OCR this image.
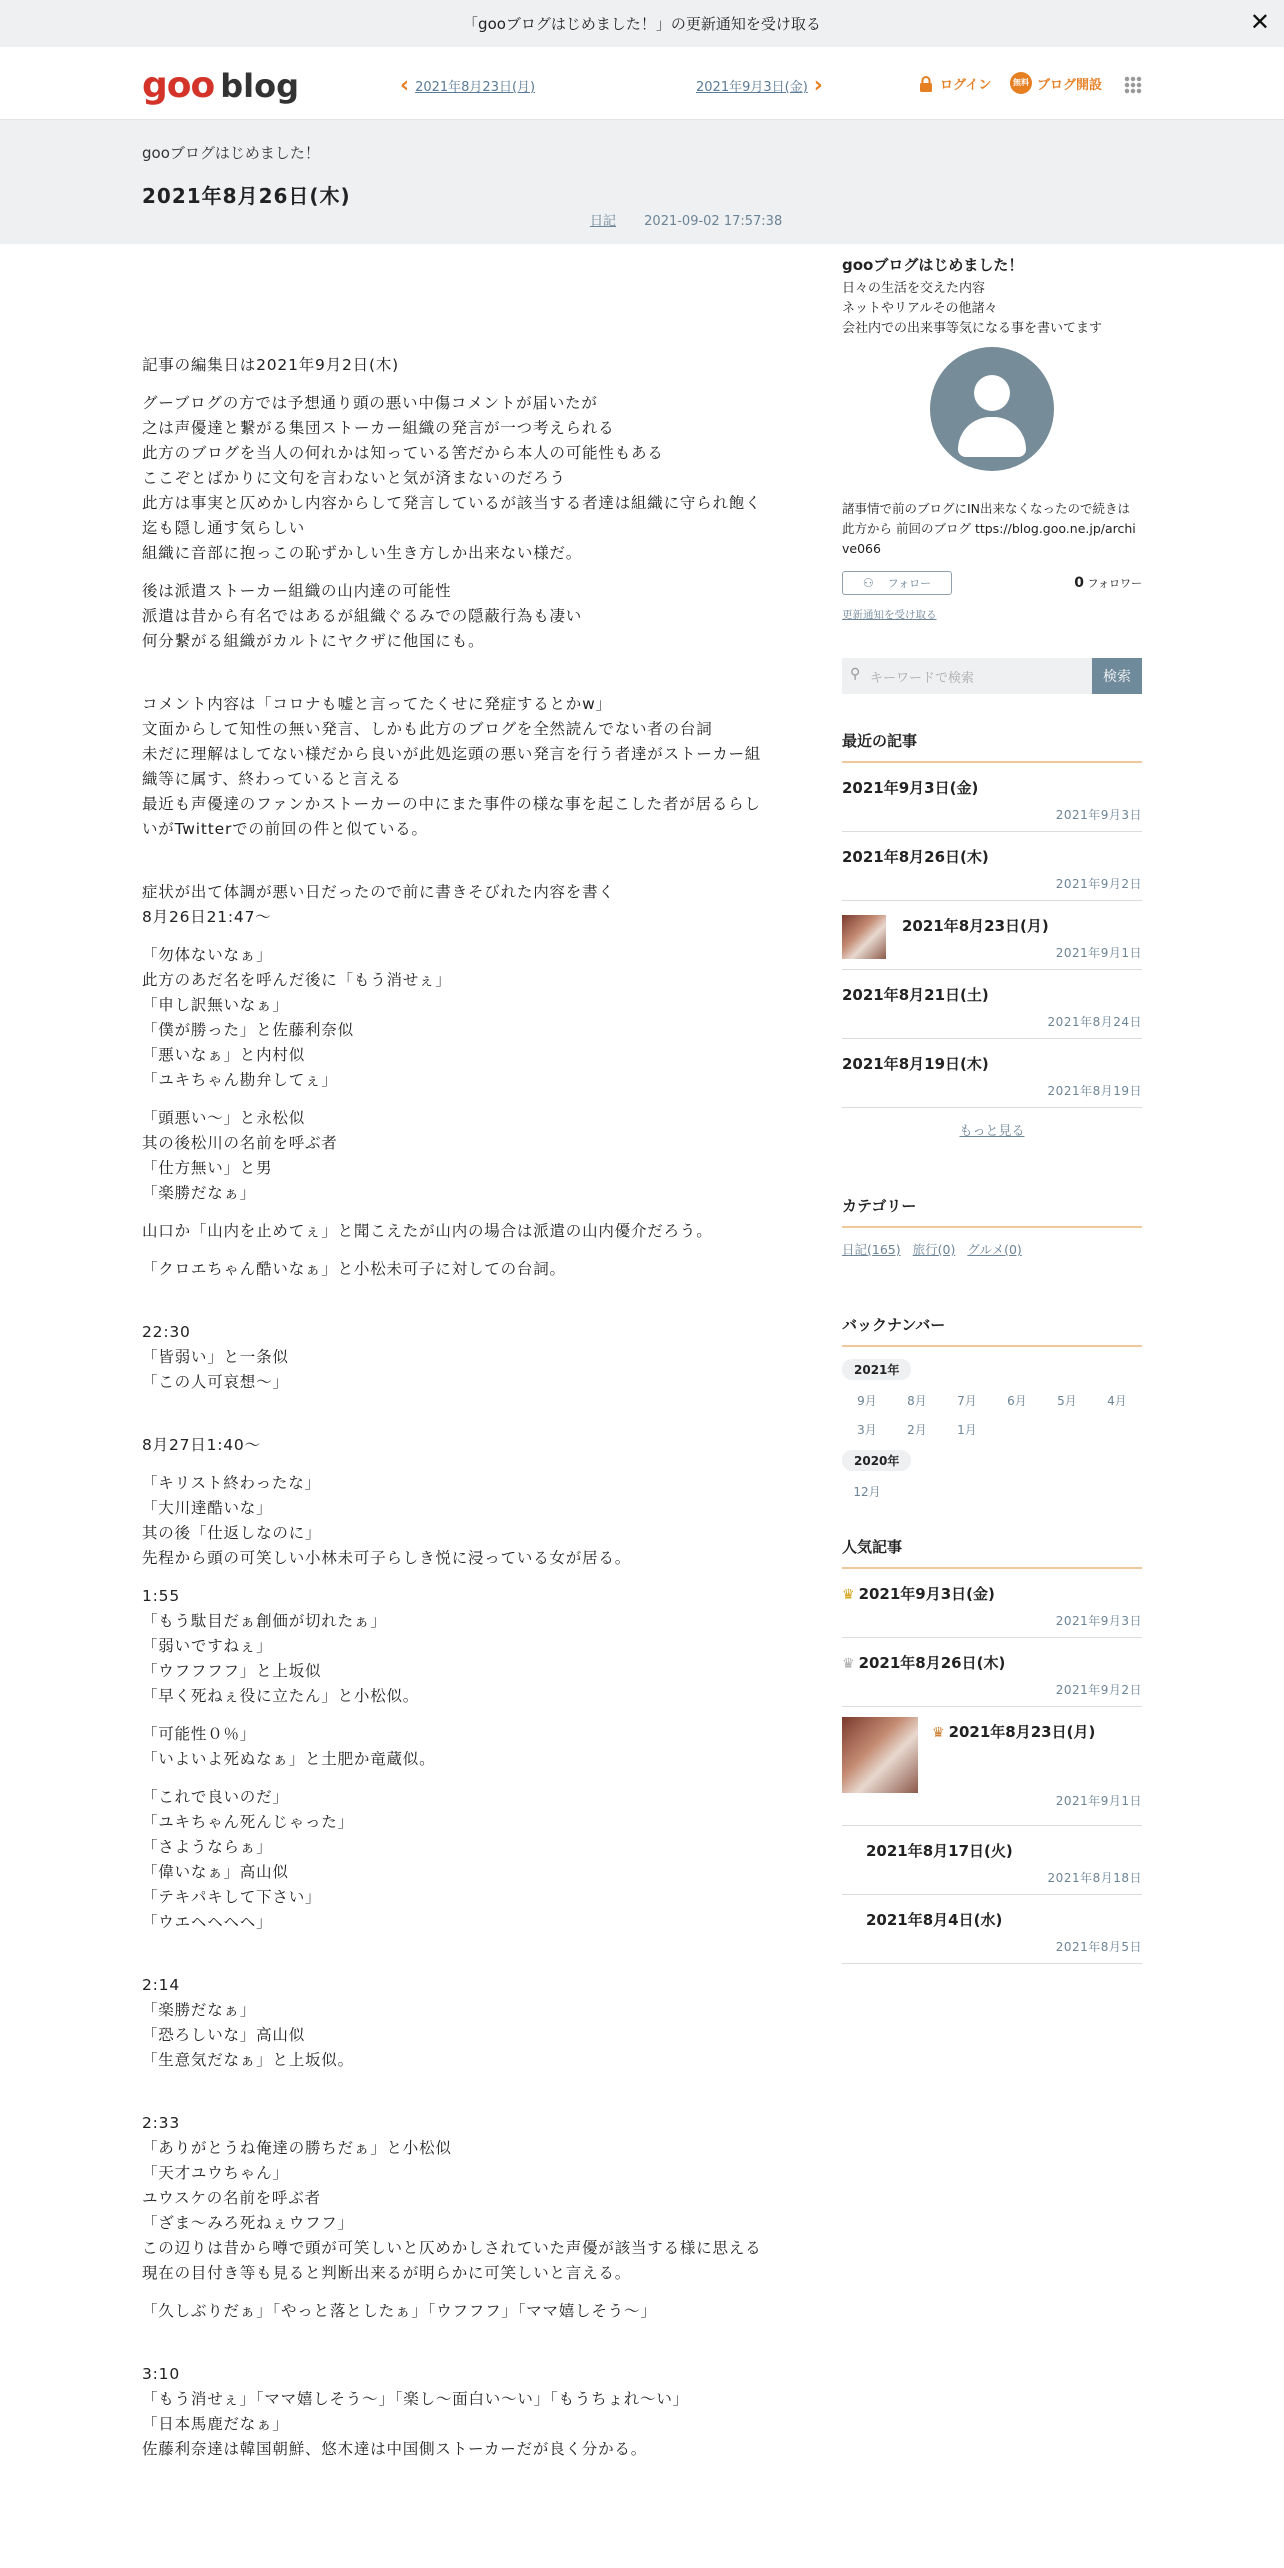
「gooブログはじめました！」の更新通知を受け取る	✕
goo blog	‹ 2021年8月23日(月)	2021年9月3日(金) ›	ログイン	無料 ブログ開設
gooブログはじめました！
2021年8月26日(木)
日記 2021-09-02 17:57:38

記事の編集日は2021年9月2日(木)

グーブログの方では予想通り頭の悪い中傷コメントが届いたが
之は声優達と繋がる集団ストーカー組織の発言が一つ考えられる
此方のブログを当人の何れかは知っている筈だから本人の可能性もある
ここぞとばかりに文句を言わないと気が済まないのだろう
此方は事実と仄めかし内容からして発言しているが該当する者達は組織に守られ飽く迄も隠し通す気らしい
組織に音部に抱っこの恥ずかしい生き方しか出来ない様だ。

後は派遣ストーカー組織の山内達の可能性
派遣は昔から有名ではあるが組織ぐるみでの隠蔽行為も凄い
何分繋がる組織がカルトにヤクザに他国にも。

コメント内容は「コロナも嘘と言ってたくせに発症するとかw」
文面からして知性の無い発言、しかも此方のブログを全然読んでない者の台詞
未だに理解はしてない様だから良いが此処迄頭の悪い発言を行う者達がストーカー組織等に属す、終わっていると言える
最近も声優達のファンかストーカーの中にまた事件の様な事を起こした者が居るらしいがTwitterでの前回の件と似ている。

症状が出て体調が悪い日だったので前に書きそびれた内容を書く
8月26日21:47～

「勿体ないなぁ」
此方のあだ名を呼んだ後に「もう消せぇ」
「申し訳無いなぁ」
「僕が勝った」と佐藤利奈似
「悪いなぁ」と内村似
「ユキちゃん勘弁してぇ」

「頭悪い～」と永松似
其の後松川の名前を呼ぶ者
「仕方無い」と男
「楽勝だなぁ」

山口か「山内を止めてぇ」と聞こえたが山内の場合は派遣の山内優介だろう。

「クロエちゃん酷いなぁ」と小松未可子に対しての台詞。

22:30
「皆弱い」と一条似
「この人可哀想～」

8月27日1:40～

「キリスト終わったな」
「大川達酷いな」
其の後「仕返しなのに」
先程から頭の可笑しい小林未可子らしき悦に浸っている女が居る。

1:55
「もう駄目だぁ創価が切れたぁ」
「弱いですねぇ」
「ウフフフフ」と上坂似
「早く死ねぇ役に立たん」と小松似。

「可能性０％」
「いよいよ死ぬなぁ」と土肥か竜蔵似。

「これで良いのだ」
「ユキちゃん死んじゃった」
「さようならぁ」
「偉いなぁ」高山似
「テキパキして下さい」
「ウエヘヘヘヘ」

2:14
「楽勝だなぁ」
「恐ろしいな」高山似
「生意気だなぁ」と上坂似。

2:33
「ありがとうね俺達の勝ちだぁ」と小松似
「天才ユウちゃん」
ユウスケの名前を呼ぶ者
「ざま～みろ死ねぇウフフ」
この辺りは昔から噂で頭が可笑しいと仄めかしされていた声優が該当する様に思える
現在の目付き等も見ると判断出来るが明らかに可笑しいと言える。

「久しぶりだぁ」「やっと落としたぁ」「ウフフフ」「ママ嬉しそう～」

3:10
「もう消せぇ」「ママ嬉しそう～」「楽し～面白い～い」「もうちょれ～い」
「日本馬鹿だなぁ」
佐藤利奈達は韓国朝鮮、悠木達は中国側ストーカーだが良く分かる。

gooブログはじめました！
日々の生活を交えた内容
ネットやリアルその他諸々
会社内での出来事等気になる事を書いてます
諸事情で前のブログにIN出来なくなったので続きは此方から 前回のブログ ttps://blog.goo.ne.jp/archive066
⚇ フォロー	0 フォロワー
更新通知を受け取る
⚲ キーワードで検索	検索
最近の記事
2021年9月3日(金)
2021年9月3日
2021年8月26日(木)
2021年9月2日
2021年8月23日(月)
2021年9月1日
2021年8月21日(土)
2021年8月24日
2021年8月19日(木)
2021年8月19日
もっと見る
カテゴリー
日記(165) 旅行(0) グルメ(0)
バックナンバー
2021年
9月	8月	7月	6月	5月	4月
3月	2月	1月
2020年
12月
人気記事
♛ 2021年9月3日(金)
2021年9月3日
♛ 2021年8月26日(木)
2021年9月2日
♛ 2021年8月23日(月)
2021年9月1日
2021年8月17日(火)
2021年8月18日
2021年8月4日(水)
2021年8月5日
